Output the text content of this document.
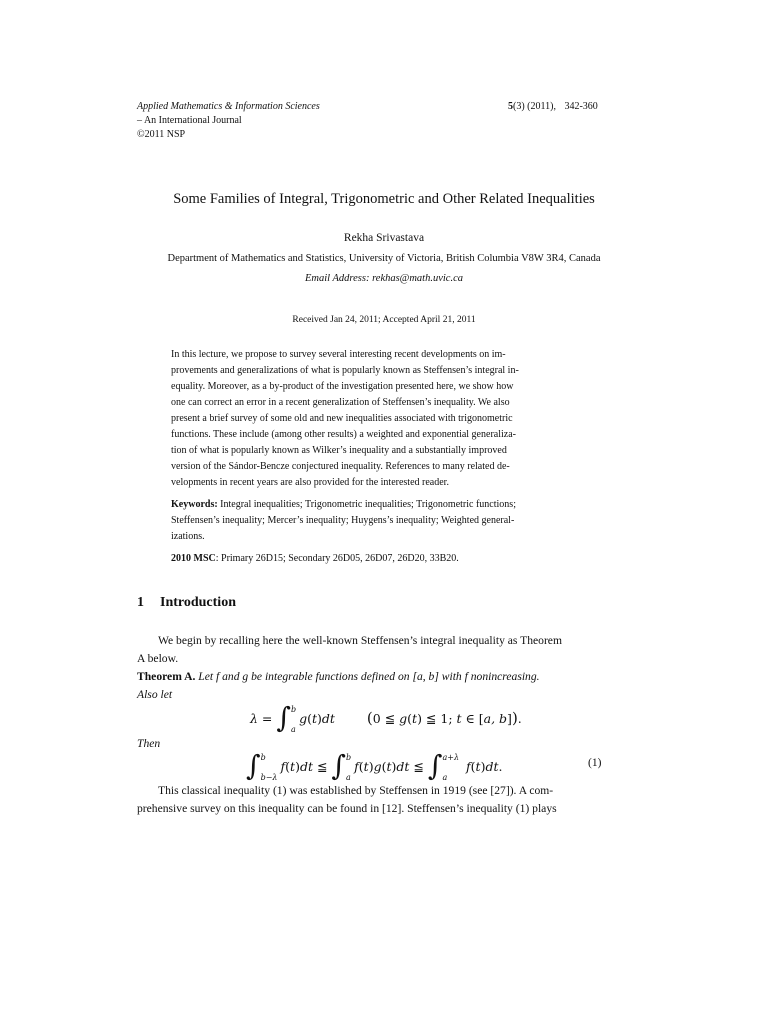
Applied Mathematics & Information Sciences
– An International Journal
©2011 NSP
5(3) (2011), 342-360
Some Families of Integral, Trigonometric and Other Related Inequalities
Rekha Srivastava
Department of Mathematics and Statistics, University of Victoria, British Columbia V8W 3R4, Canada
Email Address: rekhas@math.uvic.ca
Received Jan 24, 2011; Accepted April 21, 2011
In this lecture, we propose to survey several interesting recent developments on im-
provements and generalizations of what is popularly known as Steffensen’s integral in-
equality. Moreover, as a by-product of the investigation presented here, we show how
one can correct an error in a recent generalization of Steffensen’s inequality. We also
present a brief survey of some old and new inequalities associated with trigonometric
functions. These include (among other results) a weighted and exponential generaliza-
tion of what is popularly known as Wilker’s inequality and a substantially improved
version of the Sándor-Bencze conjectured inequality. References to many related de-
velopments in recent years are also provided for the interested reader.
Keywords: Integral inequalities; Trigonometric inequalities; Trigonometric functions;
Steffensen’s inequality; Mercer’s inequality; Huygens’s inequality; Weighted general-
izations.
2010 MSC: Primary 26D15; Secondary 26D05, 26D07, 26D20, 33B20.
1 Introduction
We begin by recalling here the well-known Steffensen’s integral inequality as Theorem
A below.
Theorem A. Let f and g be integrable functions defined on [a, b] with f nonincreasing.
Also let
λ = ∫ b

a
g(t)dt  (0 ≦ g(t) ≦ 1; t ∈ [a, b]).
Then
∫ b

b−λ
f(t)dt ≦ ∫ b

a
f(t)g(t)dt ≦ ∫ a+λ

a
f(t)dt.	(1)
This classical inequality (1) was established by Steffensen in 1919 (see [27]). A com-
prehensive survey on this inequality can be found in [12]. Steffensen’s inequality (1) plays
